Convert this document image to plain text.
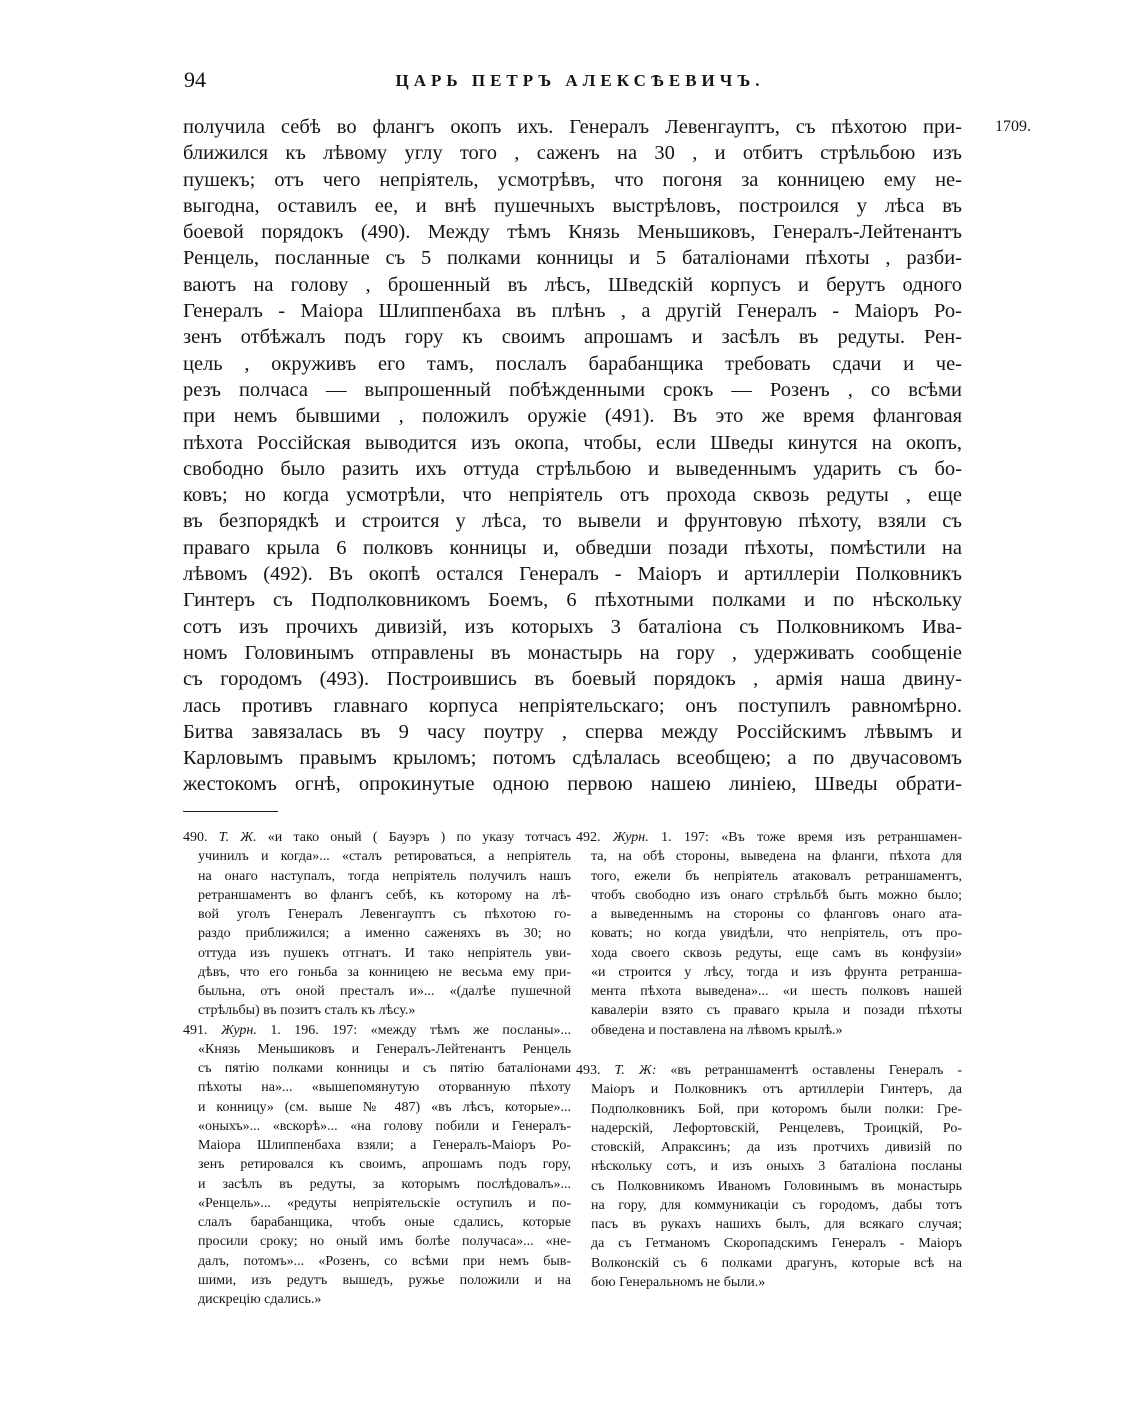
94	ЦАРЬ ПЕТРЪ АЛЕКСѢЕВИЧЪ.
1709.
получила себѣ во флангъ окопъ ихъ. Генералъ Левенгауптъ, съ пѣхотою при-
ближился къ лѣвому углу того , саженъ на 30 , и отбитъ стрѣльбою изъ
пушекъ; отъ чего непріятель, усмотрѣвъ, что погоня за конницею ему не-
выгодна, оставилъ ее, и внѣ пушечныхъ выстрѣловъ, построился у лѣса въ
боевой порядокъ (490). Между тѣмъ Князь Меньшиковъ, Генералъ-Лейтенантъ
Ренцель, посланные съ 5 полками конницы и 5 баталіонами пѣхоты , разби-
ваютъ на голову , брошенный въ лѣсъ, Шведскій корпусъ и берутъ одного
Генералъ - Маіора Шлиппенбаха въ плѣнъ , а другій Генералъ - Маіоръ Ро-
зенъ отбѣжалъ подъ гору къ своимъ апрошамъ и засѣлъ въ редуты. Рен-
цель , окруживъ его тамъ, послалъ барабанщика требовать сдачи и че-
резъ полчаса — выпрошенный побѣжденными срокъ — Розенъ , со всѣми
при немъ бывшими , положилъ оружіе (491). Въ это же время фланговая
пѣхота Россійская выводится изъ окопа, чтобы, если Шведы кинутся на окопъ,
свободно было разить ихъ оттуда стрѣльбою и выведеннымъ ударить съ бо-
ковъ; но когда усмотрѣли, что непріятель отъ прохода сквозь редуты , еще
въ безпорядкѣ и строится у лѣса, то вывели и фрунтовую пѣхоту, взяли съ
праваго крыла 6 полковъ конницы и, обведши позади пѣхоты, помѣстили на
лѣвомъ (492). Въ окопѣ остался Генералъ - Маіоръ и артиллеріи Полковникъ
Гинтеръ съ Подполковникомъ Боемъ, 6 пѣхотными полками и по нѣскольку
сотъ изъ прочихъ дивизій, изъ которыхъ 3 баталіона съ Полковникомъ Ива-
номъ Головинымъ отправлены въ монастырь на гору , удерживать сообщеніе
съ городомъ (493). Построившись въ боевый порядокъ , армія наша двину-
лась противъ главнаго корпуса непріятельскаго; онъ поступилъ равномѣрно.
Битва завязалась въ 9 часу поутру , сперва между Россійскимъ лѣвымъ и
Карловымъ правымъ крыломъ; потомъ сдѣлалась всеобщею; а по двучасовомъ
жестокомъ огнѣ, опрокинутые одною первою нашею линіею, Шведы обрати-
490. Т. Ж. «и тако оный ( Бауэръ ) по указу тотчасъ
учинилъ и когда»... «сталъ ретироваться, а непріятель
на онаго наступалъ, тогда непріятель получилъ нашъ
ретраншаментъ во флангъ себѣ, къ которому на лѣ-
вой уголъ Генералъ Левенгауптъ съ пѣхотою го-
раздо приближился; а именно саженяхъ въ 30; но
оттуда изъ пушекъ отгнатъ. И тако непріятель уви-
дѣвъ, что его гоньба за конницею не весьма ему при-
быльна, отъ оной престалъ и»... «(далѣе пушечной
стрѣльбы) въ позитъ сталъ къ лѣсу.»
491. Журн. 1. 196. 197: «между тѣмъ же посланы»...
«Князь Меньшиковъ и Генералъ-Лейтенантъ Ренцель
съ пятію полками конницы и съ пятію баталіонами
пѣхоты на»... «вышепомянутую оторванную пѣхоту
и конницу» (см. выше № 487) «въ лѣсъ, которые»...
«оныхъ»... «вскорѣ»... «на голову побили и Генералъ-
Маіора Шлиппенбаха взяли; а Генералъ-Маіоръ Ро-
зенъ ретировался къ своимъ, апрошамъ подъ гору,
и засѣлъ въ редуты, за которымъ послѣдовалъ»...
«Ренцель»... «редуты непріятельскіе оступилъ и по-
слалъ барабанщика, чтобъ оные сдались, которые
просили сроку; но оный имъ болѣе получаса»... «не-
далъ, потомъ»... «Розенъ, со всѣми при немъ быв-
шими, изъ редутъ вышедъ, ружье положили и на
дискрецію сдались.»
492. Журн. 1. 197: «Въ тоже время изъ ретраншамен-
та, на обѣ стороны, выведена на фланги, пѣхота для
того, ежели бъ непріятель атаковалъ ретраншаментъ,
чтобъ свободно изъ онаго стрѣльбѣ быть можно было;
а выведеннымъ на стороны со фланговъ онаго ата-
ковать; но когда увидѣли, что непріятель, отъ про-
хода своего сквозь редуты, еще самъ въ конфузіи»
«и строится у лѣсу, тогда и изъ фрунта ретранша-
мента пѣхота выведена»... «и шесть полковъ нашей
кавалеріи взято съ праваго крыла и позади пѣхоты
обведена и поставлена на лѣвомъ крылѣ.»
493. Т. Ж: «въ ретраншаментѣ оставлены Генералъ -
Маіоръ и Полковникъ отъ артиллеріи Гинтеръ, да
Подполковникъ Бой, при которомъ были полки: Гре-
надерскій, Лефортовскій, Ренцелевъ, Троицкій, Ро-
стовскій, Апраксинъ; да изъ протчихъ дивизій по
нѣскольку сотъ, и изъ оныхъ 3 баталіона посланы
съ Полковникомъ Иваномъ Головинымъ въ монастырь
на гору, для коммуникаціи съ городомъ, дабы тотъ
пасъ въ рукахъ нашихъ былъ, для всякаго случая;
да съ Гетманомъ Скоропадскимъ Генералъ - Маіоръ
Волконскій съ 6 полками драгунъ, которые всѣ на
бою Генеральномъ не были.»
